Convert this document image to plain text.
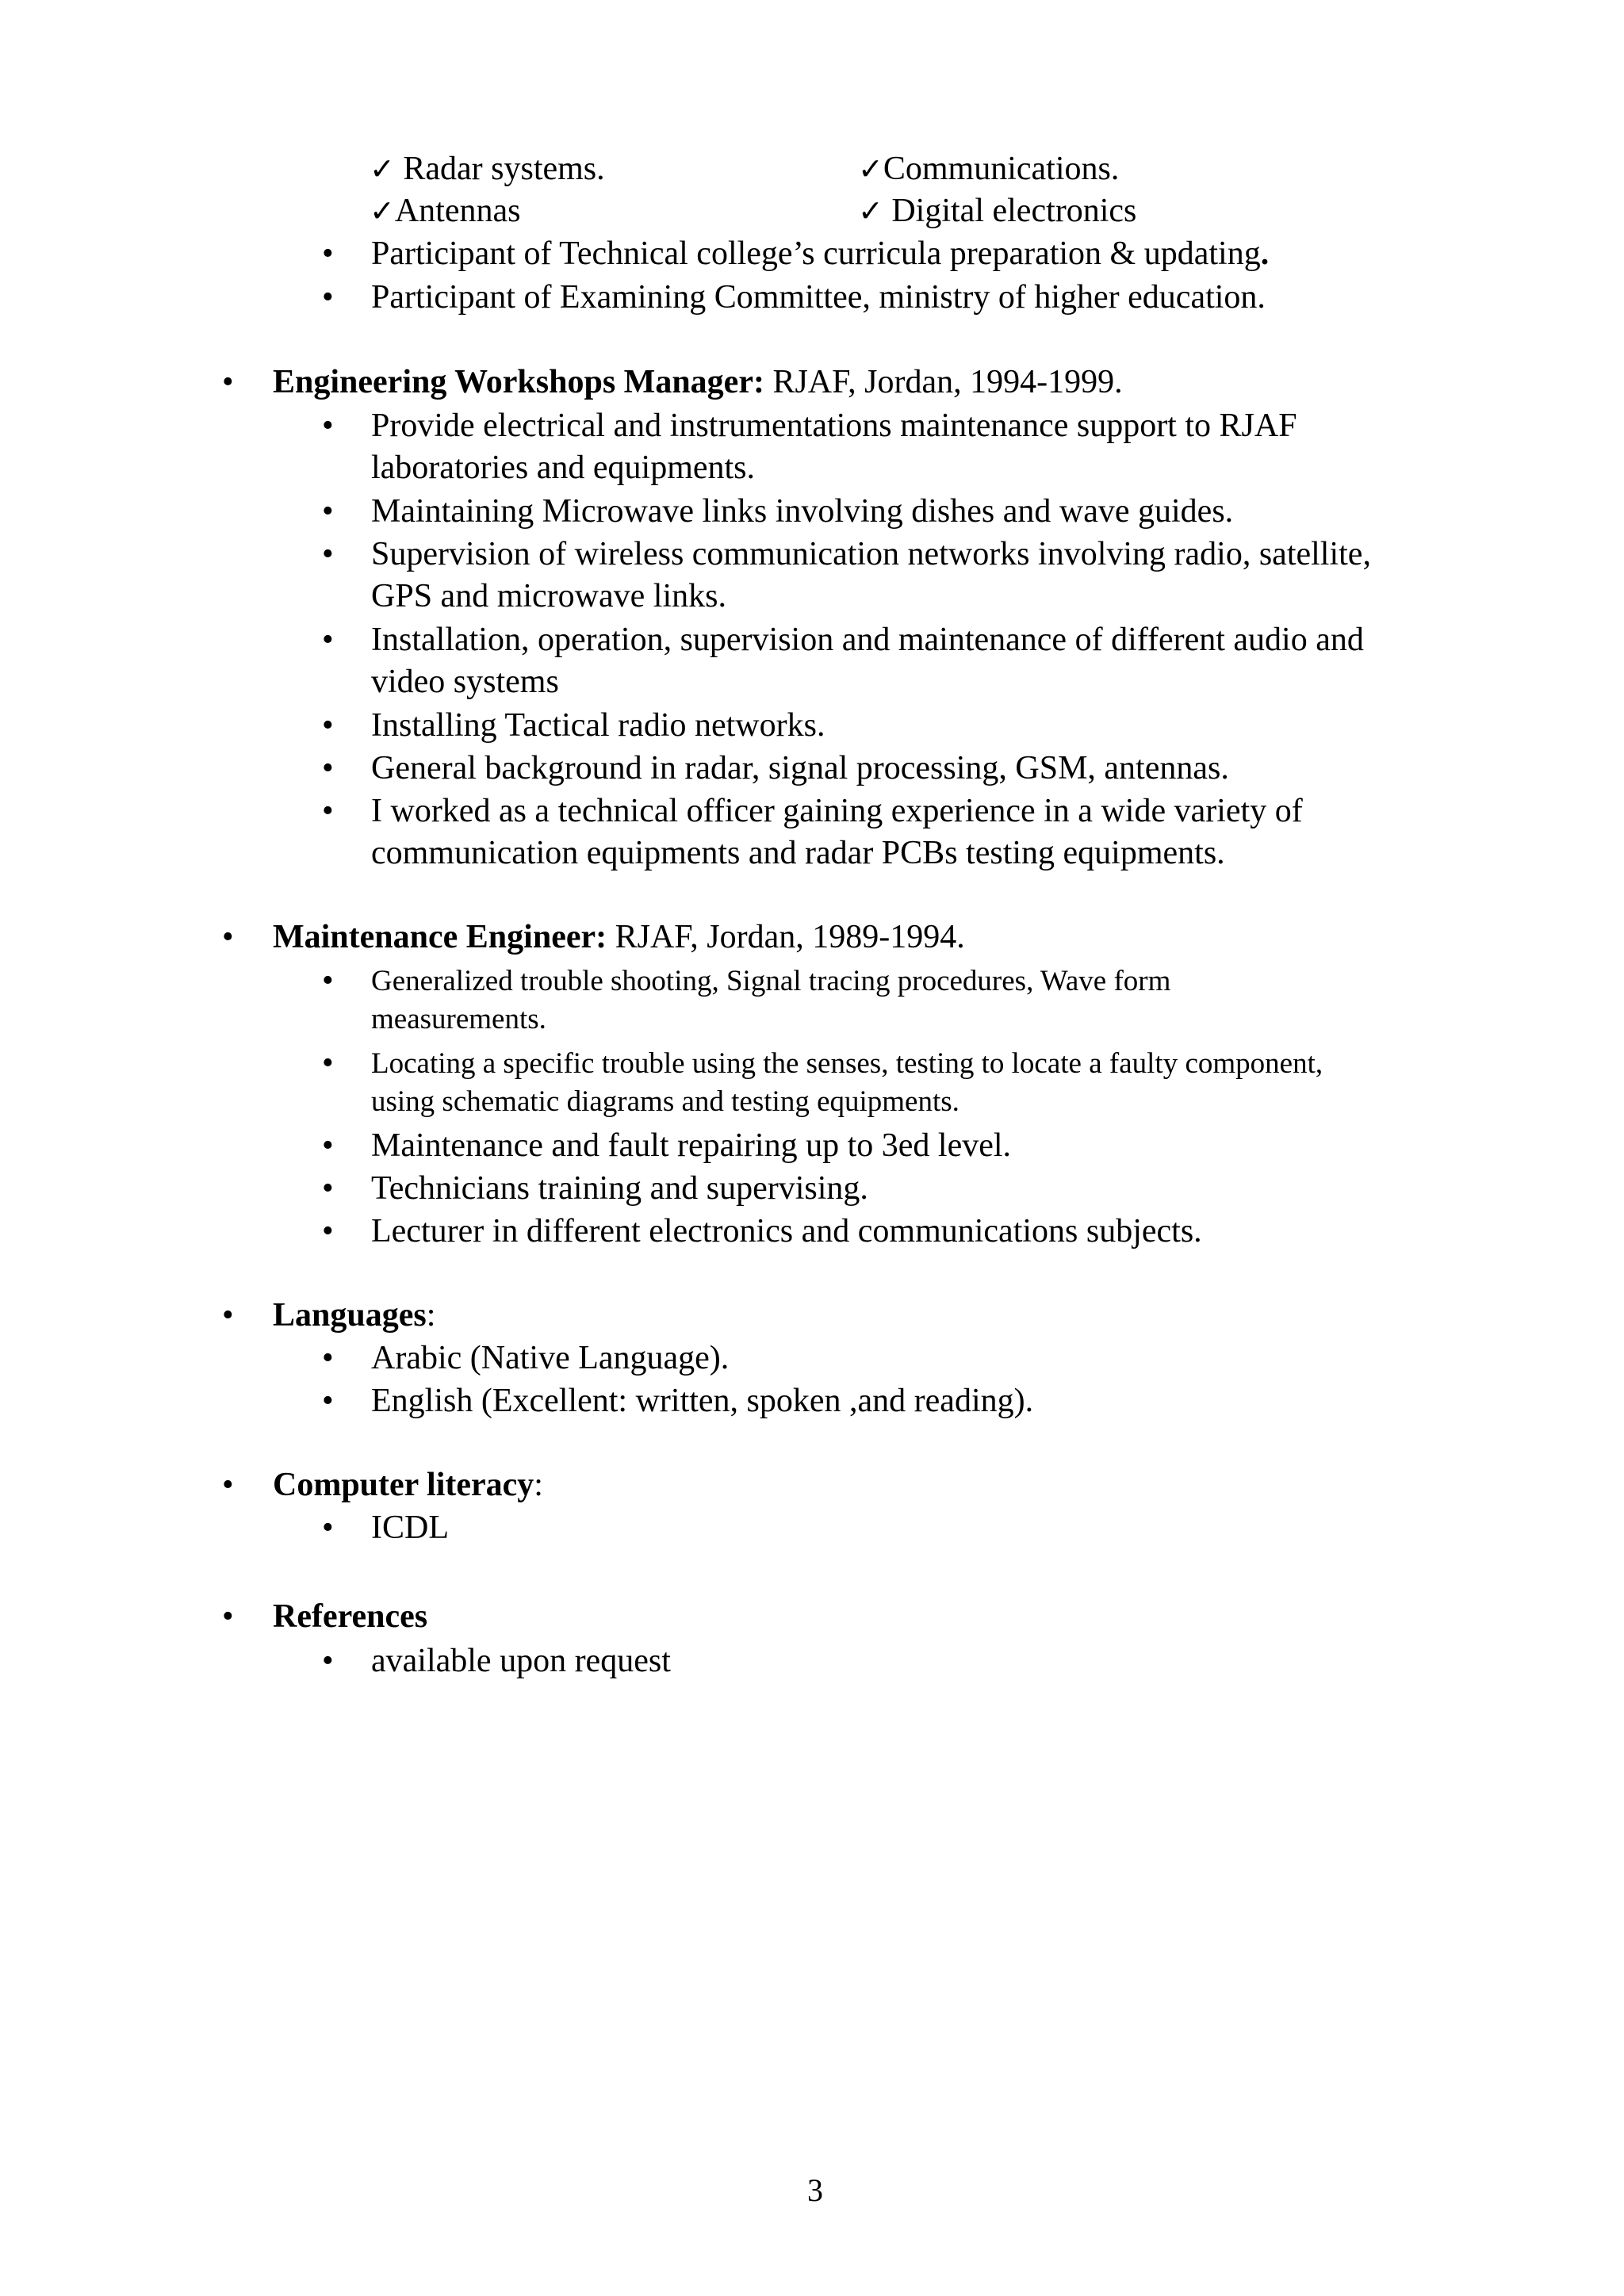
✓ Radar systems.	✓Communications.
✓Antennas	✓ Digital electronics
• Participant of Technical college’s curricula preparation & updating.
• Participant of Examining Committee, ministry of higher education.
• Engineering Workshops Manager: RJAF, Jordan, 1994-1999.
• Provide electrical and instrumentations maintenance support to RJAF
laboratories and equipments.
• Maintaining Microwave links involving dishes and wave guides.
• Supervision of wireless communication networks involving radio, satellite,
GPS and microwave links.
• Installation, operation, supervision and maintenance of different audio and
video systems
• Installing Tactical radio networks.
• General background in radar, signal processing, GSM, antennas.
• I worked as a technical officer gaining experience in a wide variety of
communication equipments and radar PCBs testing equipments.
• Maintenance Engineer: RJAF, Jordan, 1989-1994.
• Generalized trouble shooting, Signal tracing procedures, Wave form
measurements.
• Locating a specific trouble using the senses, testing to locate a faulty component,
using schematic diagrams and testing equipments.
• Maintenance and fault repairing up to 3ed level.
• Technicians training and supervising.
• Lecturer in different electronics and communications subjects.
• Languages:
• Arabic (Native Language).
• English (Excellent: written, spoken ,and reading).
• Computer literacy:
• ICDL
• References
• available upon request
3
